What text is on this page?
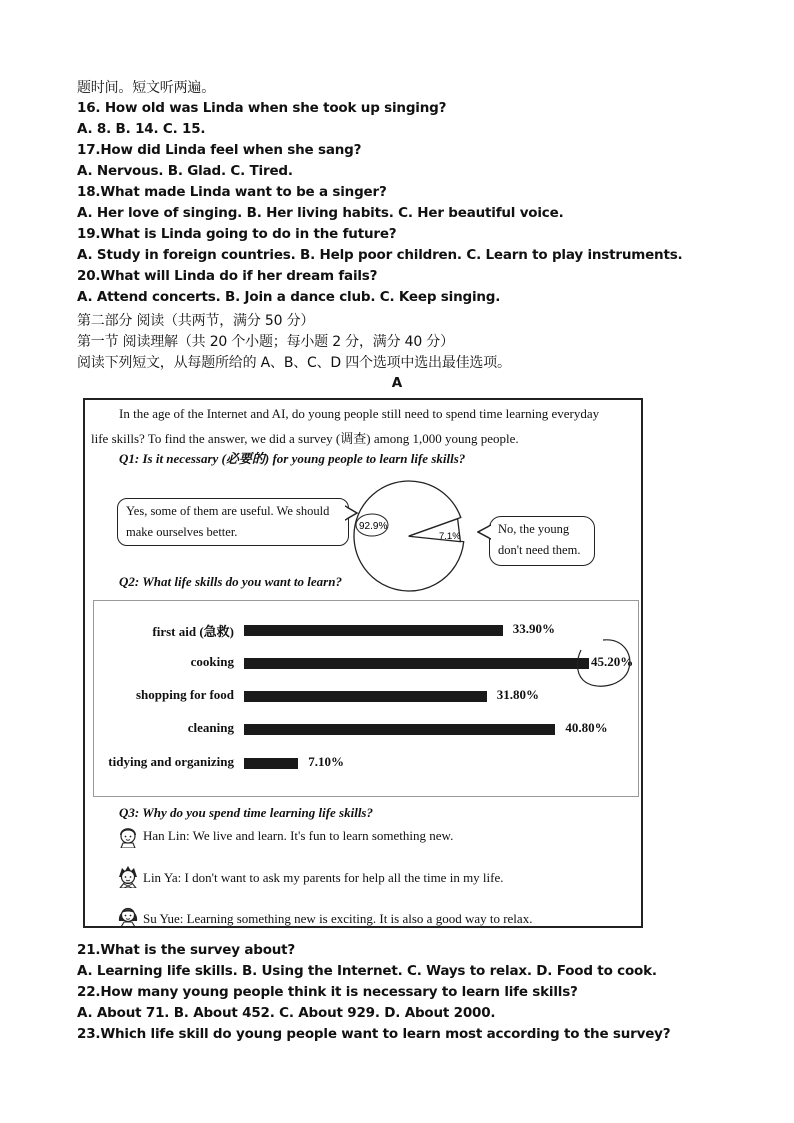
题时间。短文听两遍。
16. How old was Linda when she took up singing?
A. 8. B. 14. C. 15.
17.How did Linda feel when she sang?
A. Nervous. B. Glad. C. Tired.
18.What made Linda want to be a singer?
A. Her love of singing. B. Her living habits. C. Her beautiful voice.
19.What is Linda going to do in the future?
A. Study in foreign countries. B. Help poor children. C. Learn to play instruments.
20.What will Linda do if her dream fails?
A. Attend concerts. B. Join a dance club. C. Keep singing.
第二部分 阅读（共两节，满分 50 分）
第一节 阅读理解（共 20 个小题；每小题 2 分，满分 40 分）
阅读下列短文，从每题所给的 A、B、C、D 四个选项中选出最佳选项。
A
In the age of the Internet and AI, do young people still need to spend time learning everyday
life skills? To find the answer, we did a survey (调查) among 1,000 young people.
Q1: Is it necessary (必要的) for young people to learn life skills?
Yes, some of them are useful. We should
make ourselves better.	92.9%
7.1%
No, the young
don't need them.
Q2: What life skills do you want to learn?
first aid (急救)	33.90%
cooking	45.20%
shopping for food	31.80%
cleaning	40.80%
tidying and organizing	7.10%
Q3: Why do you spend time learning life skills?
Han Lin: We live and learn. It's fun to learn something new.
Lin Ya: I don't want to ask my parents for help all the time in my life.
Su Yue: Learning something new is exciting. It is also a good way to relax.
21.What is the survey about?
A. Learning life skills. B. Using the Internet. C. Ways to relax. D. Food to cook.
22.How many young people think it is necessary to learn life skills?
A. About 71. B. About 452. C. About 929. D. About 2000.
23.Which life skill do young people want to learn most according to the survey?
